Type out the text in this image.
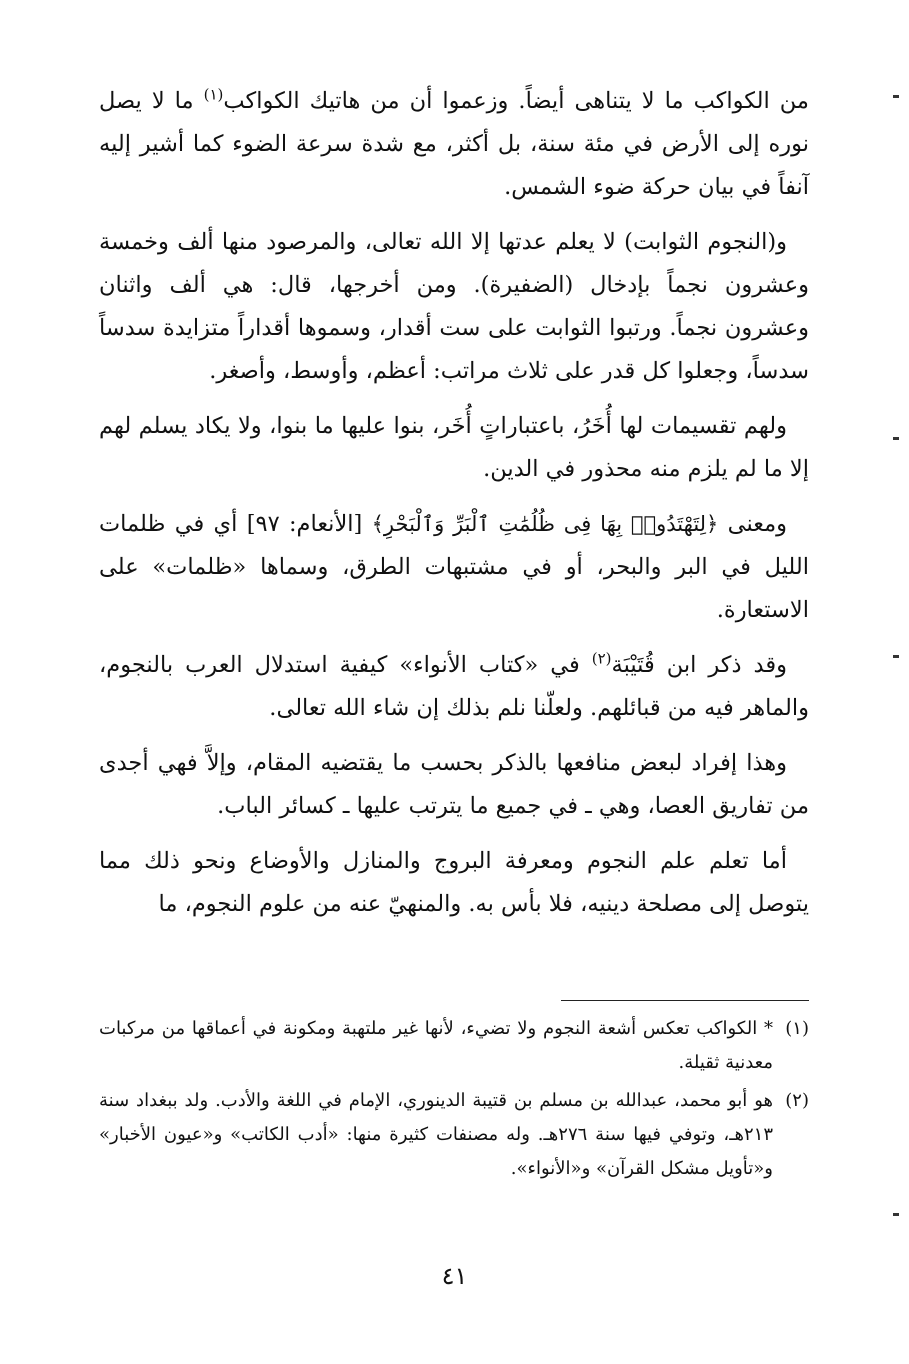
من الكواكب ما لا يتناهى أيضاً. وزعموا أن من هاتيك الكواكب$^{(١)}$ ما لا يصل نوره إلى الأرض في مئة سنة، بل أكثر، مع شدة سرعة الضوء كما أشير إليه آنفاً في بيان حركة ضوء الشمس.

و(النجوم الثوابت) لا يعلم عدتها إلا الله تعالى، والمرصود منها ألف وخمسة وعشرون نجماً بإدخال (الضفيرة). ومن أخرجها، قال: هي ألف واثنان وعشرون نجماً. ورتبوا الثوابت على ست أقدار، وسموها أقداراً متزايدة سدساً سدساً، وجعلوا كل قدر على ثلاث مراتب: أعظم، وأوسط، وأصغر.

ولهم تقسيمات لها أُخَرُ، باعتباراتٍ أُخَر، بنوا عليها ما بنوا، ولا يكاد يسلم لهم إلا ما لم يلزم منه محذور في الدين.

ومعنى ﴿لِتَهْتَدُوا۟ بِهَا فِى ظُلُمَٰتِ ٱلْبَرِّ وَٱلْبَحْرِ﴾ [الأنعام: ٩٧] أي في ظلمات الليل في البر والبحر، أو في مشتبهات الطرق، وسماها «ظلمات» على الاستعارة.

وقد ذكر ابن قُتَيْبَة$^{(٢)}$ في «كتاب الأنواء» كيفية استدلال العرب بالنجوم، والماهر فيه من قبائلهم. ولعلّنا نلم بذلك إن شاء الله تعالى.

وهذا إفراد لبعض منافعها بالذكر بحسب ما يقتضيه المقام، وإلاَّ فهي أجدى من تفاريق العصا، وهي ـ في جميع ما يترتب عليها ـ كسائر الباب.

أما تعلم علم النجوم ومعرفة البروج والمنازل والأوضاع ونحو ذلك مما يتوصل إلى مصلحة دينيه، فلا بأس به. والمنهيّ عنه من علوم النجوم، ما

(١)
* الكواكب تعكس أشعة النجوم ولا تضيء، لأنها غير ملتهبة ومكونة في أعماقها من مركبات معدنية ثقيلة.
(٢)
هو أبو محمد، عبدالله بن مسلم بن قتيبة الدينوري، الإمام في اللغة والأدب. ولد ببغداد سنة ٢١٣هـ، وتوفي فيها سنة ٢٧٦هـ. وله مصنفات كثيرة منها: «أدب الكاتب» و«عيون الأخبار» و«تأويل مشكل القرآن» و«الأنواء».
٤١
